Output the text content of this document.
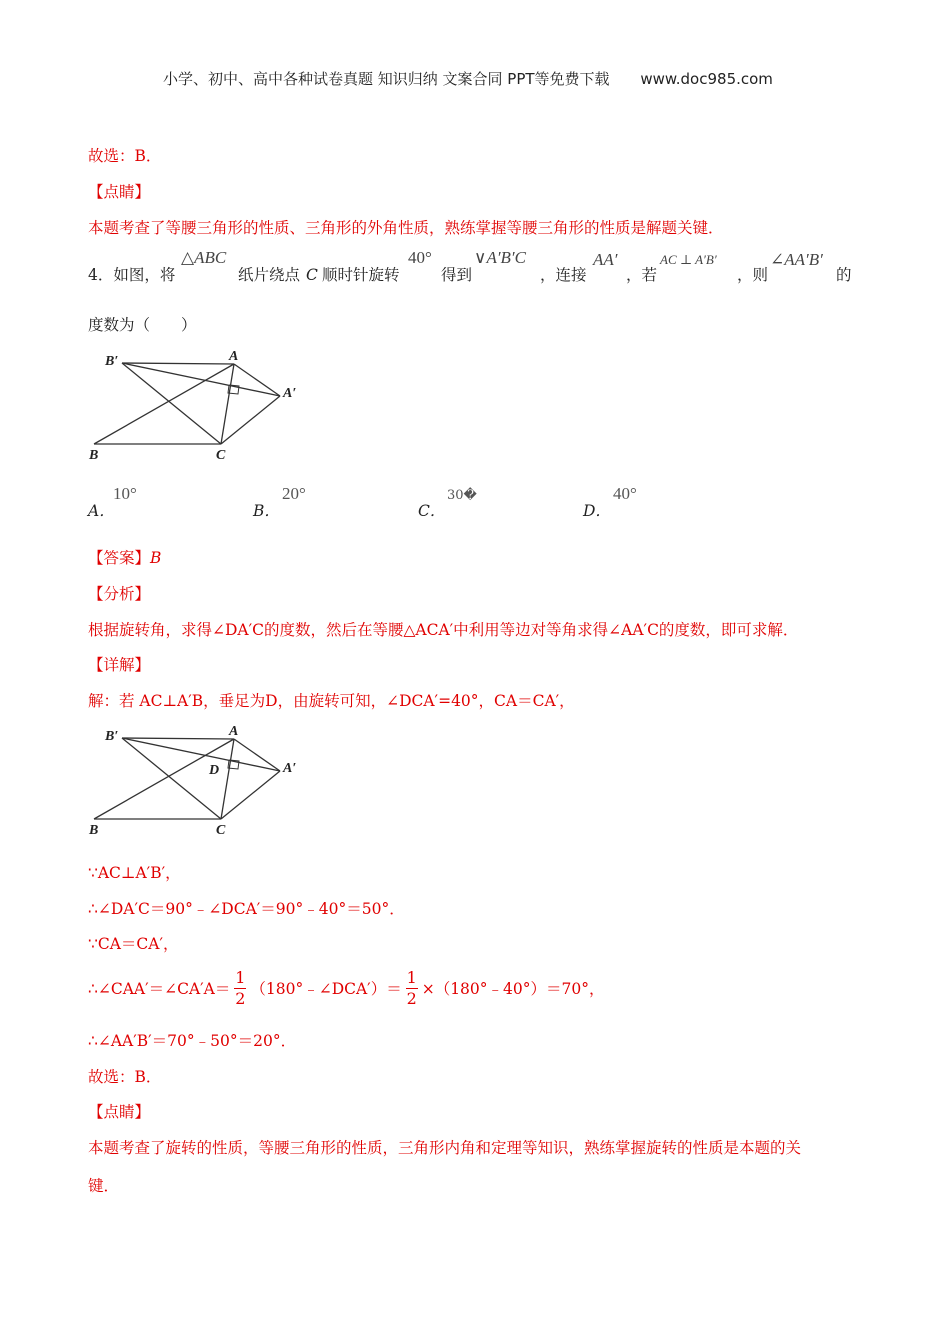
小学、初中、高中各种试卷真题 知识归纳 文案合同 PPT等免费下载 www.doc985.com
故选：B．
【点睛】
本题考查了等腰三角形的性质、三角形的外角性质，熟练掌握等腰三角形的性质是解题关键．
4．如图，将
△ABC
纸片绕点 C 顺时针旋转
40°
得到
∨A′B′C
，连接
AA′
，若
AC ⊥ A′B′
，则
∠AA′B′
的
度数为（　　）
B′	A
A′
B	C
A．
10°
B．
20°
C．
30�
D．
40°
【答案】B
【分析】
根据旋转角，求得∠DA′C的度数，然后在等腰△ACA′中利用等边对等角求得∠AA′C的度数，即可求解．
【详解】
解：若 AC⊥A′B，垂足为D，由旋转可知，∠DCA′=40°，CA＝CA′，
B′	A
D	A′
B	C
∵AC⊥A′B′，
∴∠DA′C＝90°﹣∠DCA′＝90°﹣40°＝50°．
∵CA＝CA′，
∴∠CAA′＝∠CA′A＝ $\frac{1}{2}$ （180°﹣∠DCA′）＝ $\frac{1}{2}$ ×（180°﹣40°）＝70°，
∴∠AA′B′＝70°﹣50°＝20°．
故选：B．
【点睛】
本题考查了旋转的性质，等腰三角形的性质，三角形内角和定理等知识，熟练掌握旋转的性质是本题的关
键．
